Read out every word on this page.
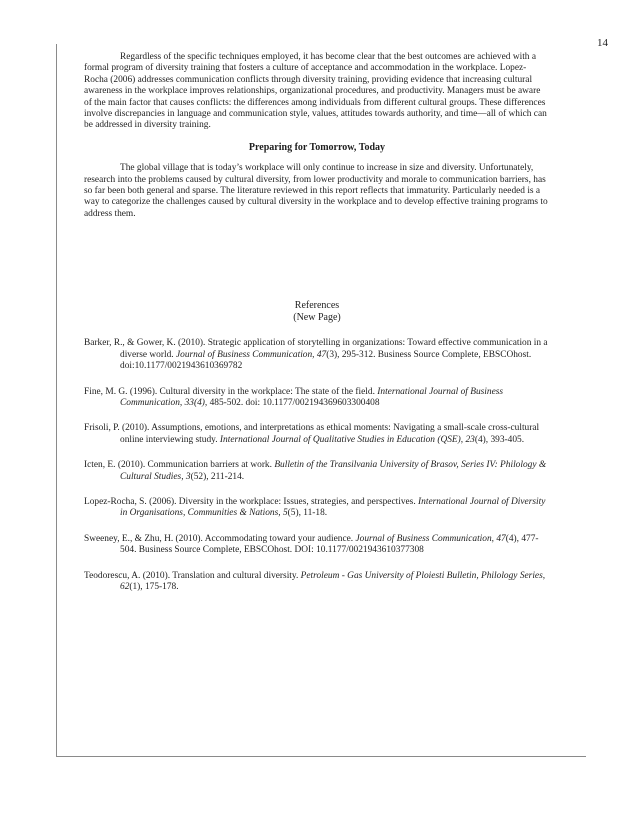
14

Regardless of the specific techniques employed, it has become clear that the best outcomes are achieved with a formal program of diversity training that fosters a culture of acceptance and accommodation in the workplace. Lopez-Rocha (2006) addresses communication conflicts through diversity training, providing evidence that increasing cultural awareness in the workplace improves relationships, organizational procedures, and productivity. Managers must be aware of the main factor that causes conflicts: the differences among individuals from different cultural groups. These differences involve discrepancies in language and communication style, values, attitudes towards authority, and time—all of which can be addressed in diversity training.

Preparing for Tomorrow, Today

The global village that is today’s workplace will only continue to increase in size and diversity. Unfortunately, research into the problems caused by cultural diversity, from lower productivity and morale to communication barriers, has so far been both general and sparse. The literature reviewed in this report reflects that immaturity. Particularly needed is a way to categorize the challenges caused by cultural diversity in the workplace and to develop effective training programs to address them.

References
(New Page)
Barker, R., & Gower, K. (2010). Strategic application of storytelling in organizations: Toward effective communication in a diverse world. Journal of Business Communication, 47(3), 295-312. Business Source Complete, EBSCOhost. doi:10.1177/0021943610369782
Fine, M. G. (1996). Cultural diversity in the workplace: The state of the field. International Journal of Business Communication, 33(4), 485-502. doi: 10.1177/002194369603300408
Frisoli, P. (2010). Assumptions, emotions, and interpretations as ethical moments: Navigating a small-scale cross-cultural online interviewing study. International Journal of Qualitative Studies in Education (QSE), 23(4), 393-405.
Icten, E. (2010). Communication barriers at work. Bulletin of the Transilvania University of Brasov, Series IV: Philology & Cultural Studies, 3(52), 211-214.
Lopez-Rocha, S. (2006). Diversity in the workplace: Issues, strategies, and perspectives. International Journal of Diversity in Organisations, Communities & Nations, 5(5), 11-18.
Sweeney, E., & Zhu, H. (2010). Accommodating toward your audience. Journal of Business Communication, 47(4), 477-504. Business Source Complete, EBSCOhost. DOI: 10.1177/0021943610377308
Teodorescu, A. (2010). Translation and cultural diversity. Petroleum - Gas University of Ploiesti Bulletin, Philology Series, 62(1), 175-178.
